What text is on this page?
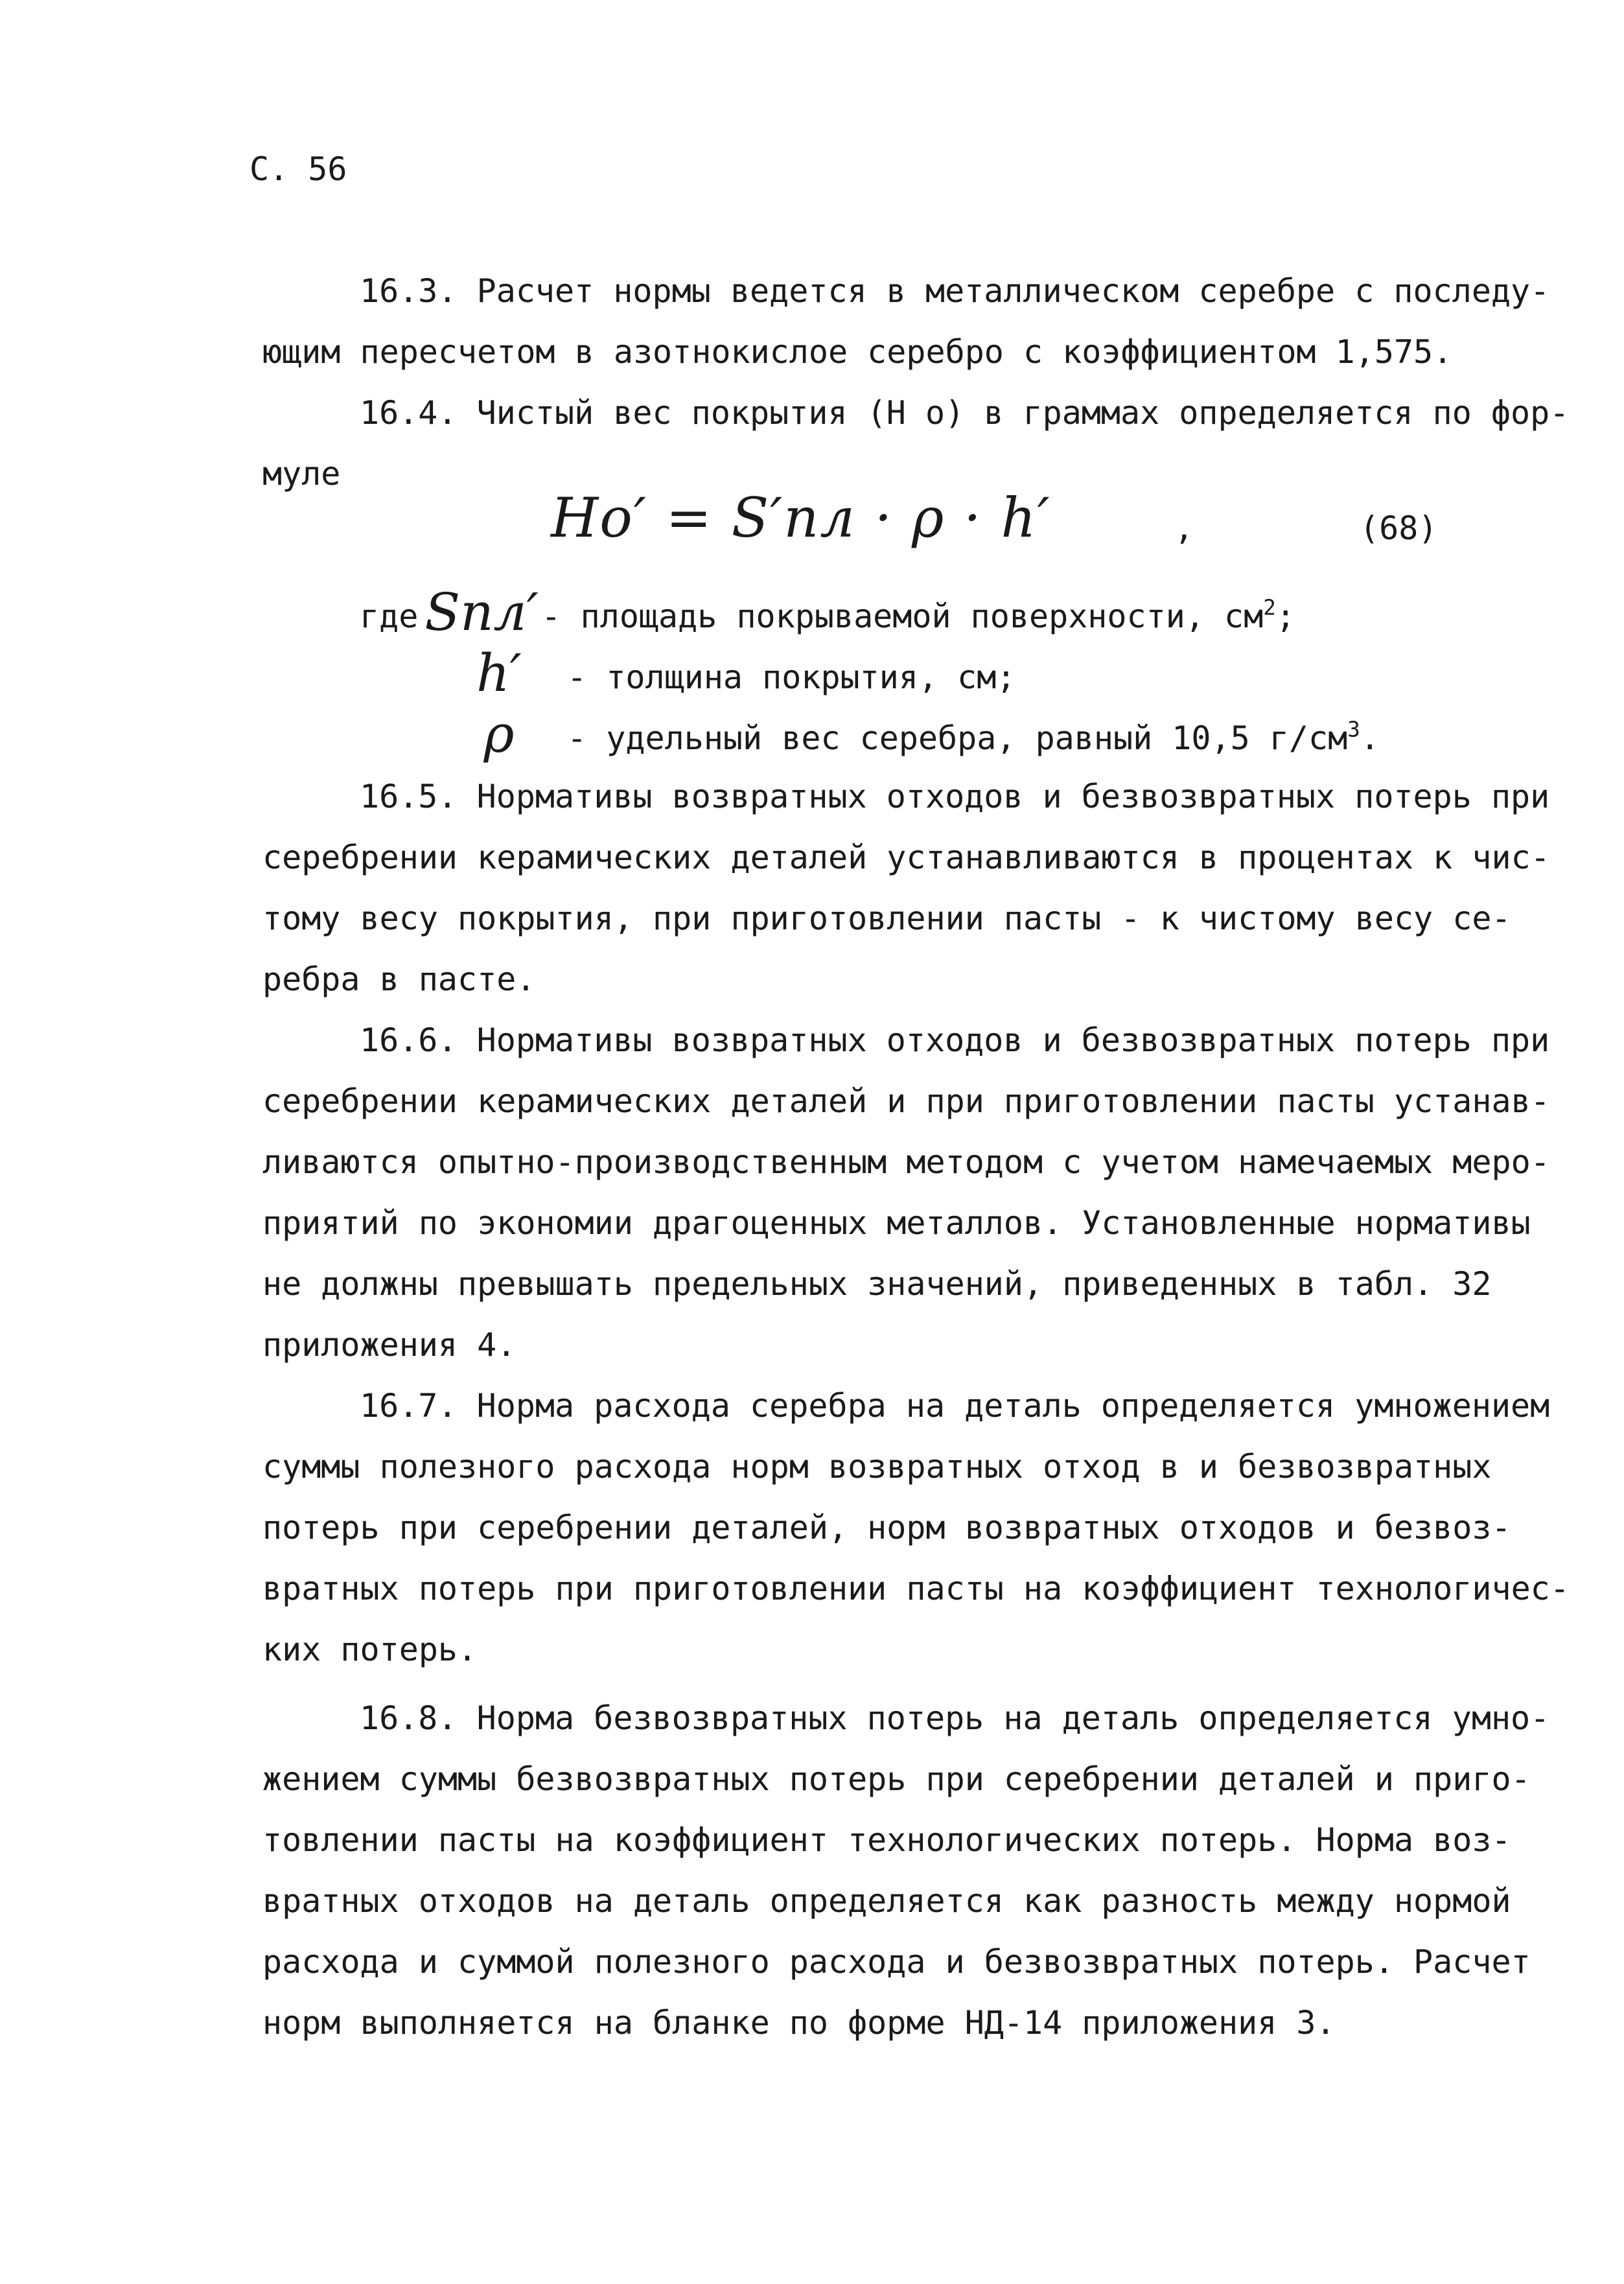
С. 56
16.3. Расчет нормы ведется в металлическом серебре с последу-
ющим пересчетом в азотнокислое серебро с коэффициентом 1,575.
16.4. Чистый вес покрытия (Н о) в граммах определяется по фор-
муле
Hо′ = S′пл · ρ · h′	,	(68)
где Sпл′ - площадь покрываемой поверхности, $см^2$;
h′ - толщина покрытия, см;
ρ - удельный вес серебра, равный 10,5 $г/см^3$.
16.5. Нормативы возвратных отходов и безвозвратных потерь при
серебрении керамических деталей устанавливаются в процентах к чис-
тому весу покрытия, при приготовлении пасты - к чистому весу се-
ребра в пасте.
16.6. Нормативы возвратных отходов и безвозвратных потерь при
серебрении керамических деталей и при приготовлении пасты устанав-
ливаются опытно-производственным методом с учетом намечаемых меро-
приятий по экономии драгоценных металлов. Установленные нормативы
не должны превышать предельных значений, приведенных в табл. 32
приложения 4.
16.7. Норма расхода серебра на деталь определяется умножением
суммы полезного расхода норм возвратных отход в и безвозвратных
потерь при серебрении деталей, норм возвратных отходов и безвоз-
вратных потерь при приготовлении пасты на коэффициент технологичес-
ких потерь.
16.8. Норма безвозвратных потерь на деталь определяется умно-
жением суммы безвозвратных потерь при серебрении деталей и приго-
товлении пасты на коэффициент технологических потерь. Норма воз-
вратных отходов на деталь определяется как разность между нормой
расхода и суммой полезного расхода и безвозвратных потерь. Расчет
норм выполняется на бланке по форме НД-14 приложения 3.
